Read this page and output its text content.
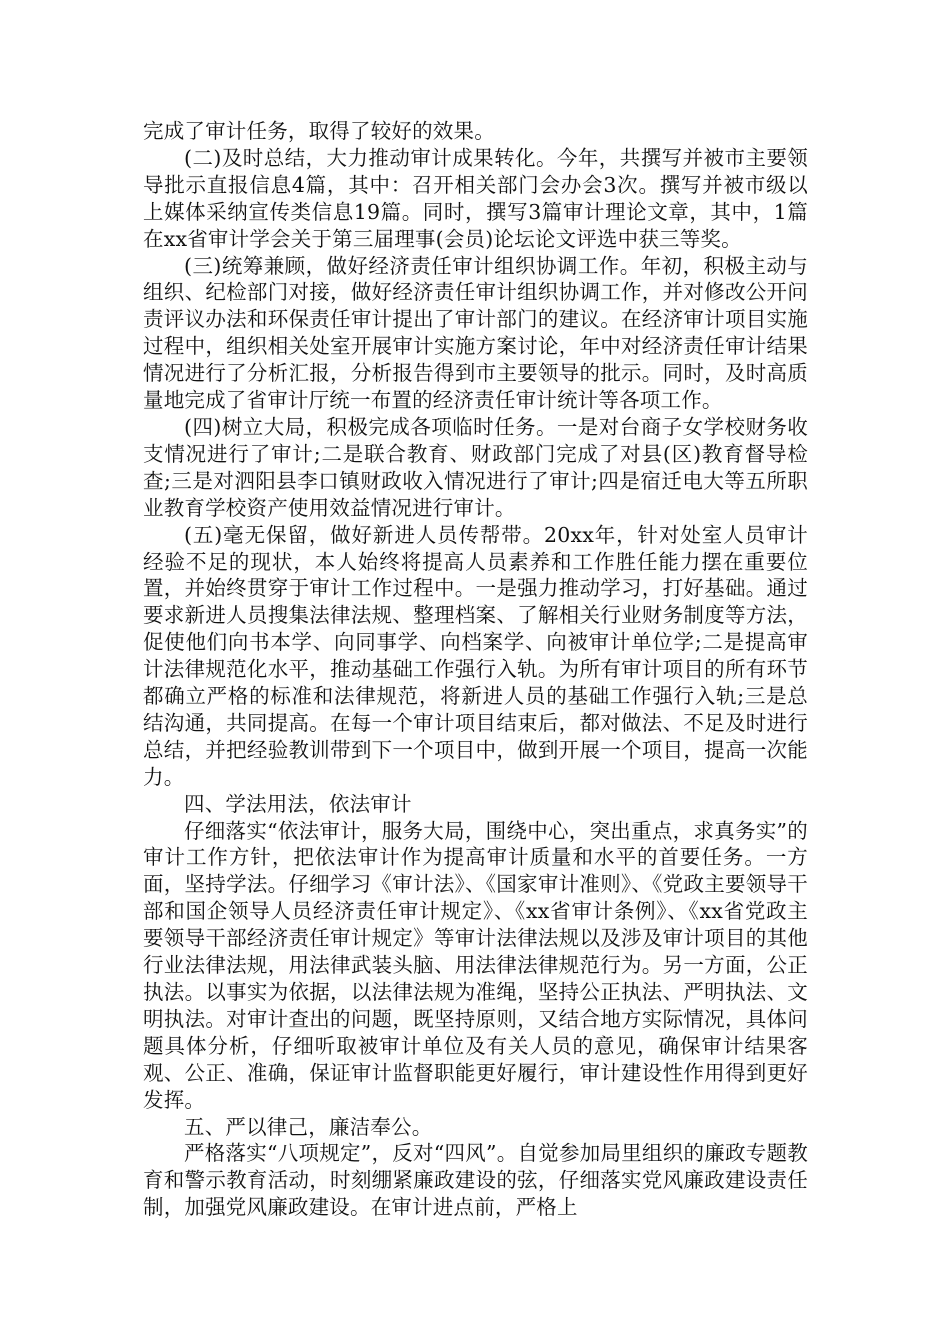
完成了审计任务，取得了较好的效果。

(二)及时总结，大力推动审计成果转化。今年，共撰写并被市主要领导批示直报信息4篇，其中：召开相关部门会办会3次。撰写并被市级以上媒体采纳宣传类信息19篇。同时，撰写3篇审计理论文章，其中，1篇在xx省审计学会关于第三届理事(会员)论坛论文评选中获三等奖。

(三)统筹兼顾，做好经济责任审计组织协调工作。年初，积极主动与组织、纪检部门对接，做好经济责任审计组织协调工作，并对修改公开问责评议办法和环保责任审计提出了审计部门的建议。在经济审计项目实施过程中，组织相关处室开展审计实施方案讨论，年中对经济责任审计结果情况进行了分析汇报，分析报告得到市主要领导的批示。同时，及时高质量地完成了省审计厅统一布置的经济责任审计统计等各项工作。

(四)树立大局，积极完成各项临时任务。一是对台商子女学校财务收支情况进行了审计;二是联合教育、财政部门完成了对县(区)教育督导检查;三是对泗阳县李口镇财政收入情况进行了审计;四是宿迁电大等五所职业教育学校资产使用效益情况进行审计。

(五)毫无保留，做好新进人员传帮带。20xx年，针对处室人员审计经验不足的现状，本人始终将提高人员素养和工作胜任能力摆在重要位置，并始终贯穿于审计工作过程中。一是强力推动学习，打好基础。通过要求新进人员搜集法律法规、整理档案、了解相关行业财务制度等方法，促使他们向书本学、向同事学、向档案学、向被审计单位学;二是提高审计法律规范化水平，推动基础工作强行入轨。为所有审计项目的所有环节都确立严格的标准和法律规范，将新进人员的基础工作强行入轨;三是总结沟通，共同提高。在每一个审计项目结束后，都对做法、不足及时进行总结，并把经验教训带到下一个项目中，做到开展一个项目，提高一次能力。

四、学法用法，依法审计

仔细落实“依法审计，服务大局，围绕中心，突出重点，求真务实”的审计工作方针，把依法审计作为提高审计质量和水平的首要任务。一方面，坚持学法。仔细学习《审计法》、《国家审计准则》、《党政主要领导干部和国企领导人员经济责任审计规定》、《xx省审计条例》、《xx省党政主要领导干部经济责任审计规定》等审计法律法规以及涉及审计项目的其他行业法律法规，用法律武装头脑、用法律法律规范行为。另一方面，公正执法。以事实为依据，以法律法规为准绳，坚持公正执法、严明执法、文明执法。对审计查出的问题，既坚持原则，又结合地方实际情况，具体问题具体分析，仔细听取被审计单位及有关人员的意见，确保审计结果客观、公正、准确，保证审计监督职能更好履行，审计建设性作用得到更好发挥。

五、严以律己，廉洁奉公。

严格落实“八项规定”，反对“四风”。自觉参加局里组织的廉政专题教育和警示教育活动，时刻绷紧廉政建设的弦，仔细落实党风廉政建设责任制，加强党风廉政建设。在审计进点前，严格上
